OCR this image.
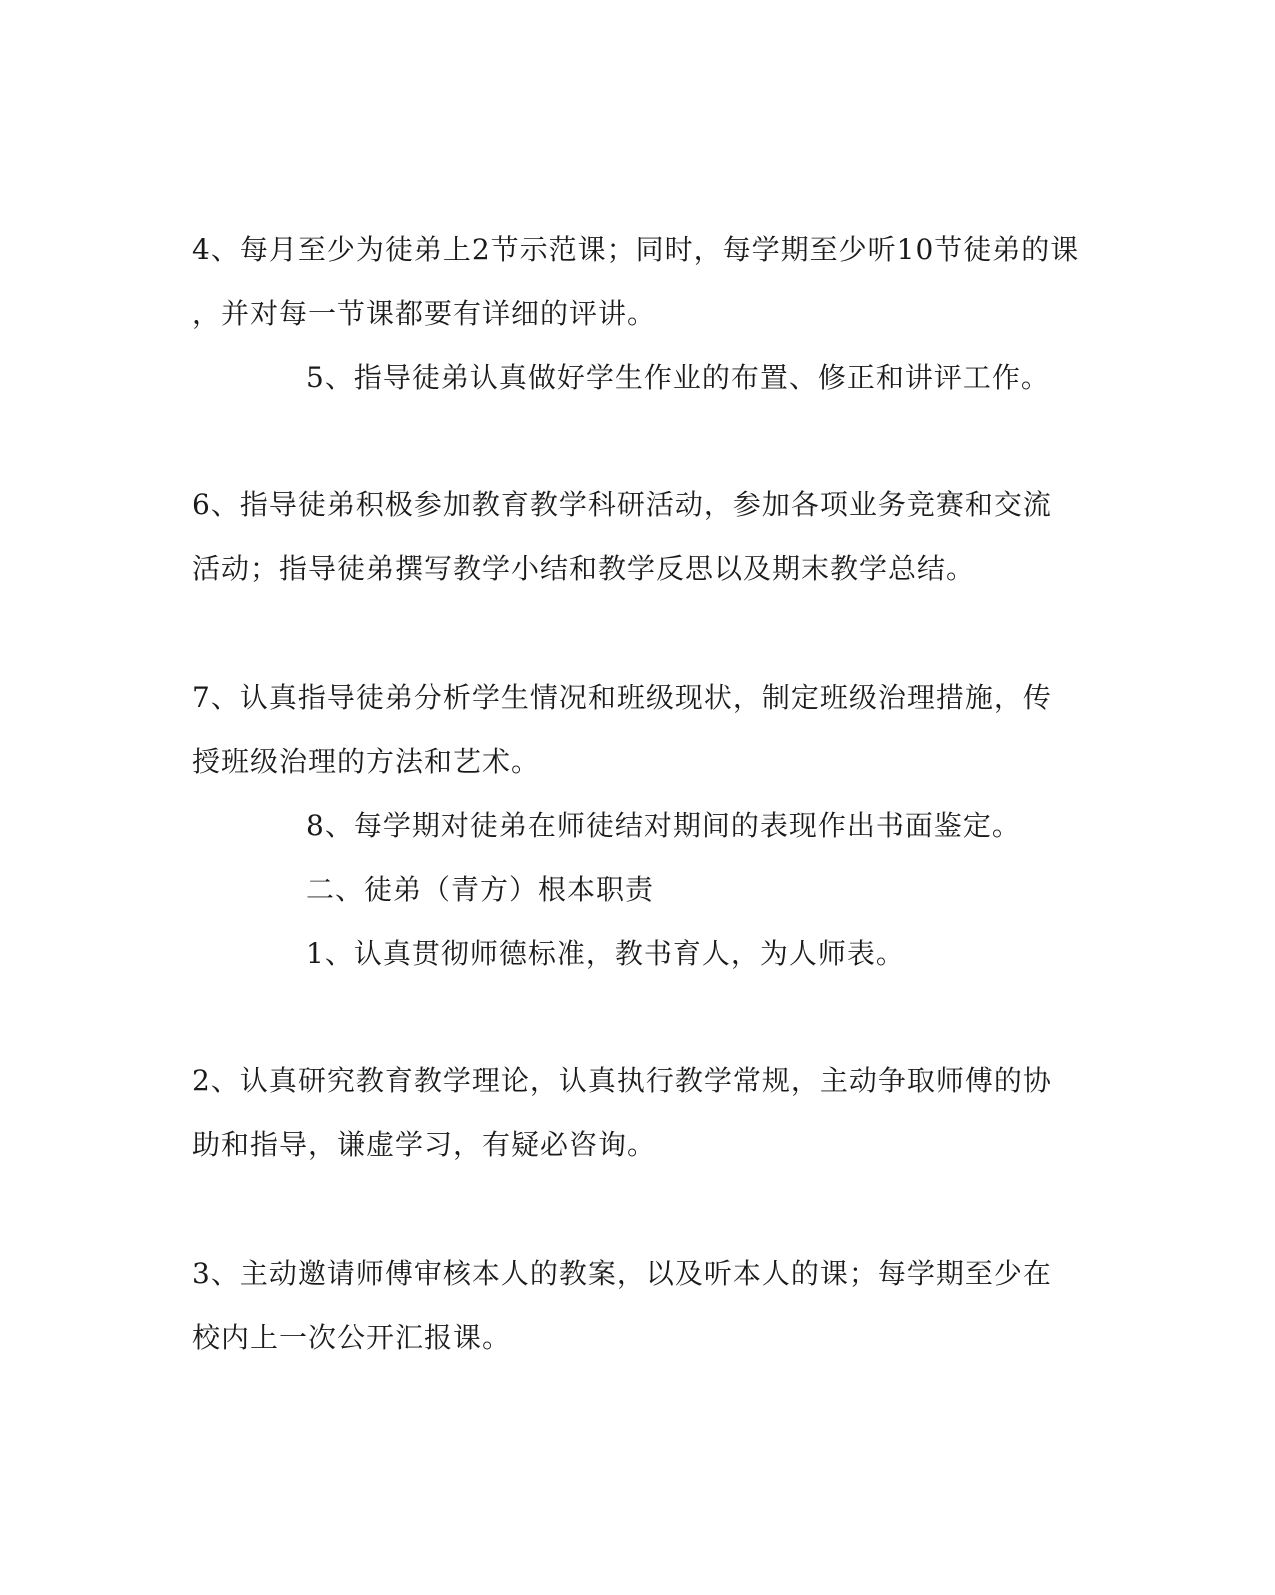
4、每月至少为徒弟上2节示范课；同时，每学期至少听10节徒弟的课
，并对每一节课都要有详细的评讲。
5、指导徒弟认真做好学生作业的布置、修正和讲评工作。
6、指导徒弟积极参加教育教学科研活动，参加各项业务竞赛和交流
活动；指导徒弟撰写教学小结和教学反思以及期末教学总结。
7、认真指导徒弟分析学生情况和班级现状，制定班级治理措施，传
授班级治理的方法和艺术。
8、每学期对徒弟在师徒结对期间的表现作出书面鉴定。
二、徒弟（青方）根本职责
1、认真贯彻师德标准，教书育人，为人师表。
2、认真研究教育教学理论，认真执行教学常规，主动争取师傅的协
助和指导，谦虚学习，有疑必咨询。
3、主动邀请师傅审核本人的教案，以及听本人的课；每学期至少在
校内上一次公开汇报课。
